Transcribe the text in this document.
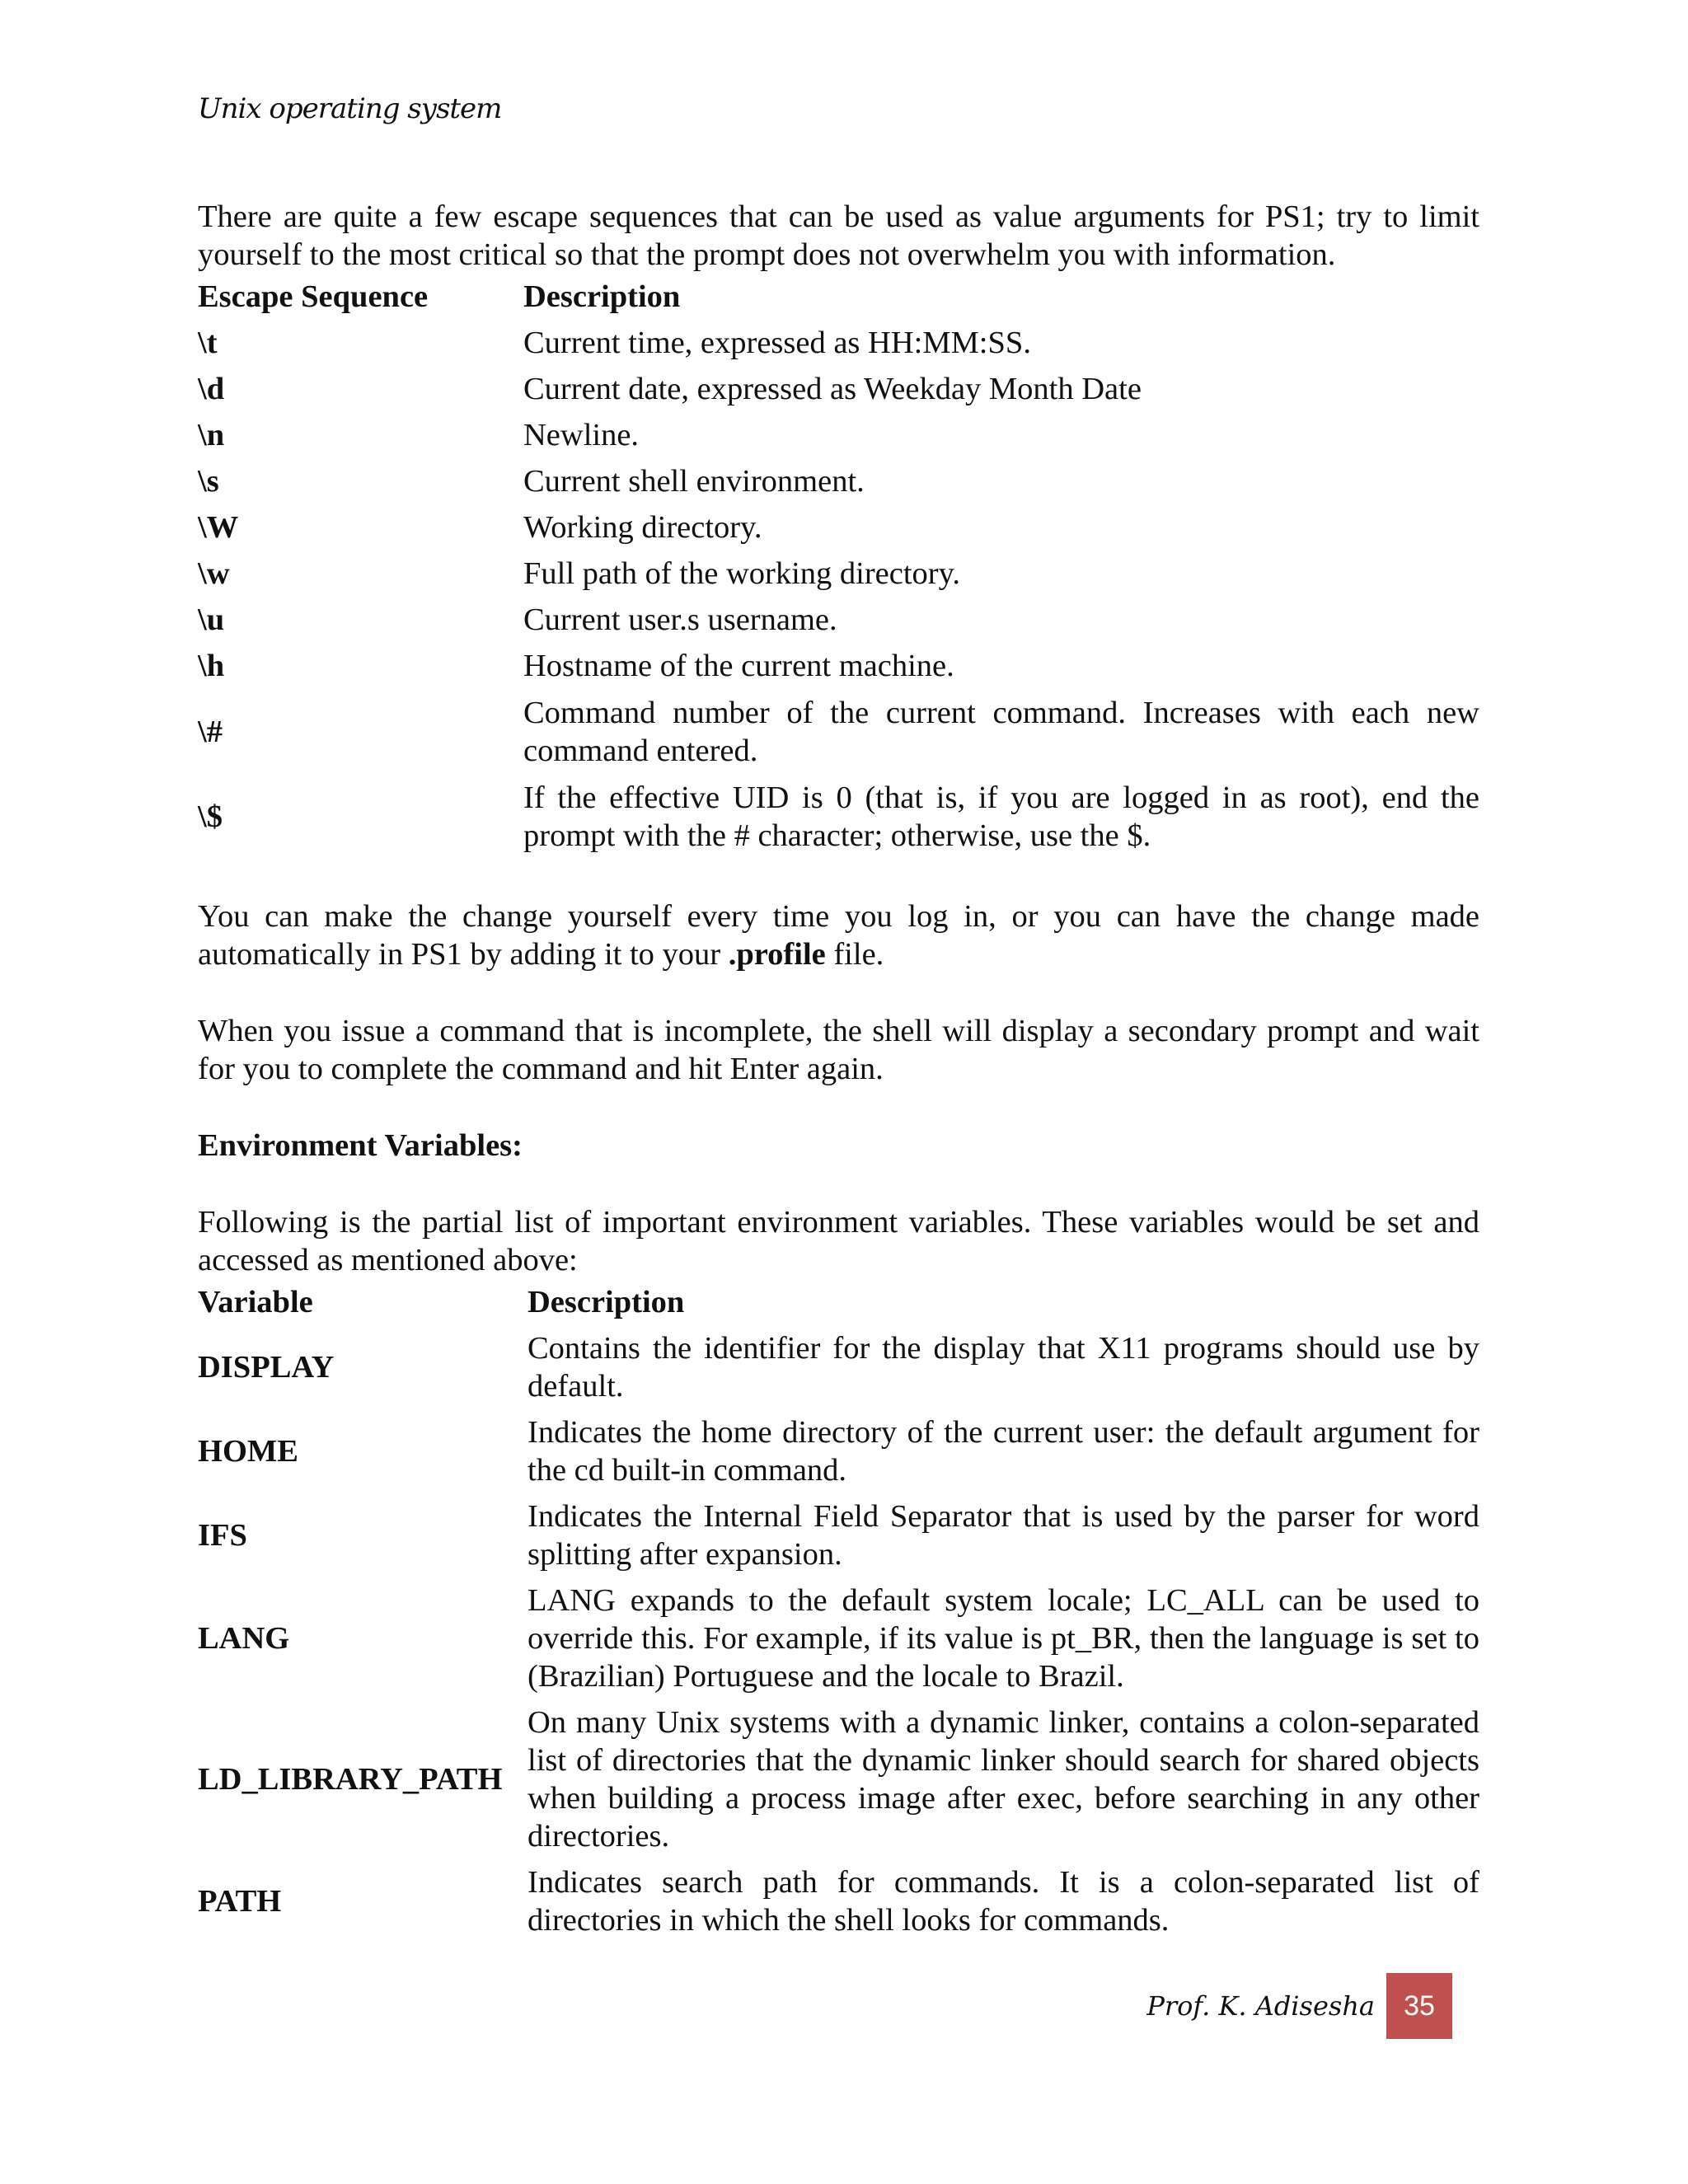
Unix operating system

There are quite a few escape sequences that can be used as value arguments for PS1; try to limit yourself to the most critical so that the prompt does not overwhelm you with information.

Escape Sequence	Description
\t	Current time, expressed as HH:MM:SS.
\d	Current date, expressed as Weekday Month Date
\n	Newline.
\s	Current shell environment.
\W	Working directory.
\w	Full path of the working directory.
\u	Current user.s username.
\h	Hostname of the current machine.
\#	Command number of the current command. Increases with each new command entered.
\$	If the effective UID is 0 (that is, if you are logged in as root), end the prompt with the # character; otherwise, use the $.

You can make the change yourself every time you log in, or you can have the change made automatically in PS1 by adding it to your .profile file.

When you issue a command that is incomplete, the shell will display a secondary prompt and wait for you to complete the command and hit Enter again.

Environment Variables:

Following is the partial list of important environment variables. These variables would be set and accessed as mentioned above:

Variable	Description
DISPLAY	Contains the identifier for the display that X11 programs should use by default.
HOME	Indicates the home directory of the current user: the default argument for the cd built-in command.
IFS	Indicates the Internal Field Separator that is used by the parser for word splitting after expansion.
LANG	LANG expands to the default system locale; LC_ALL can be used to override this. For example, if its value is pt_BR, then the language is set to (Brazilian) Portuguese and the locale to Brazil.
LD_LIBRARY_PATH	On many Unix systems with a dynamic linker, contains a colon-separated list of directories that the dynamic linker should search for shared objects when building a process image after exec, before searching in any other directories.
PATH	Indicates search path for commands. It is a colon-separated list of directories in which the shell looks for commands.
Prof. K. Adisesha	35
